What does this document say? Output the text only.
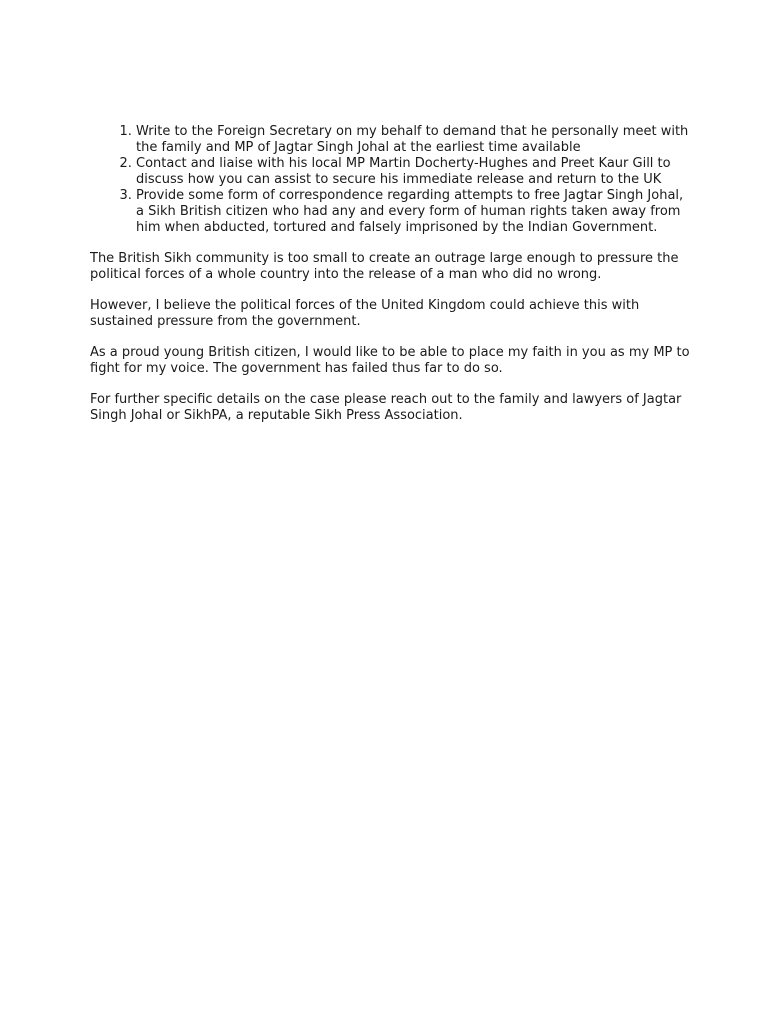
1. Write to the Foreign Secretary on my behalf to demand that he personally meet with the family and MP of Jagtar Singh Johal at the earliest time available
2. Contact and liaise with his local MP Martin Docherty-Hughes and Preet Kaur Gill to discuss how you can assist to secure his immediate release and return to the UK
3. Provide some form of correspondence regarding attempts to free Jagtar Singh Johal, a Sikh British citizen who had any and every form of human rights taken away from him when abducted, tortured and falsely imprisoned by the Indian Government.

The British Sikh community is too small to create an outrage large enough to pressure the political forces of a whole country into the release of a man who did no wrong.

However, I believe the political forces of the United Kingdom could achieve this with sustained pressure from the government.

As a proud young British citizen, I would like to be able to place my faith in you as my MP to fight for my voice. The government has failed thus far to do so.

For further specific details on the case please reach out to the family and lawyers of Jagtar Singh Johal or SikhPA, a reputable Sikh Press Association.
